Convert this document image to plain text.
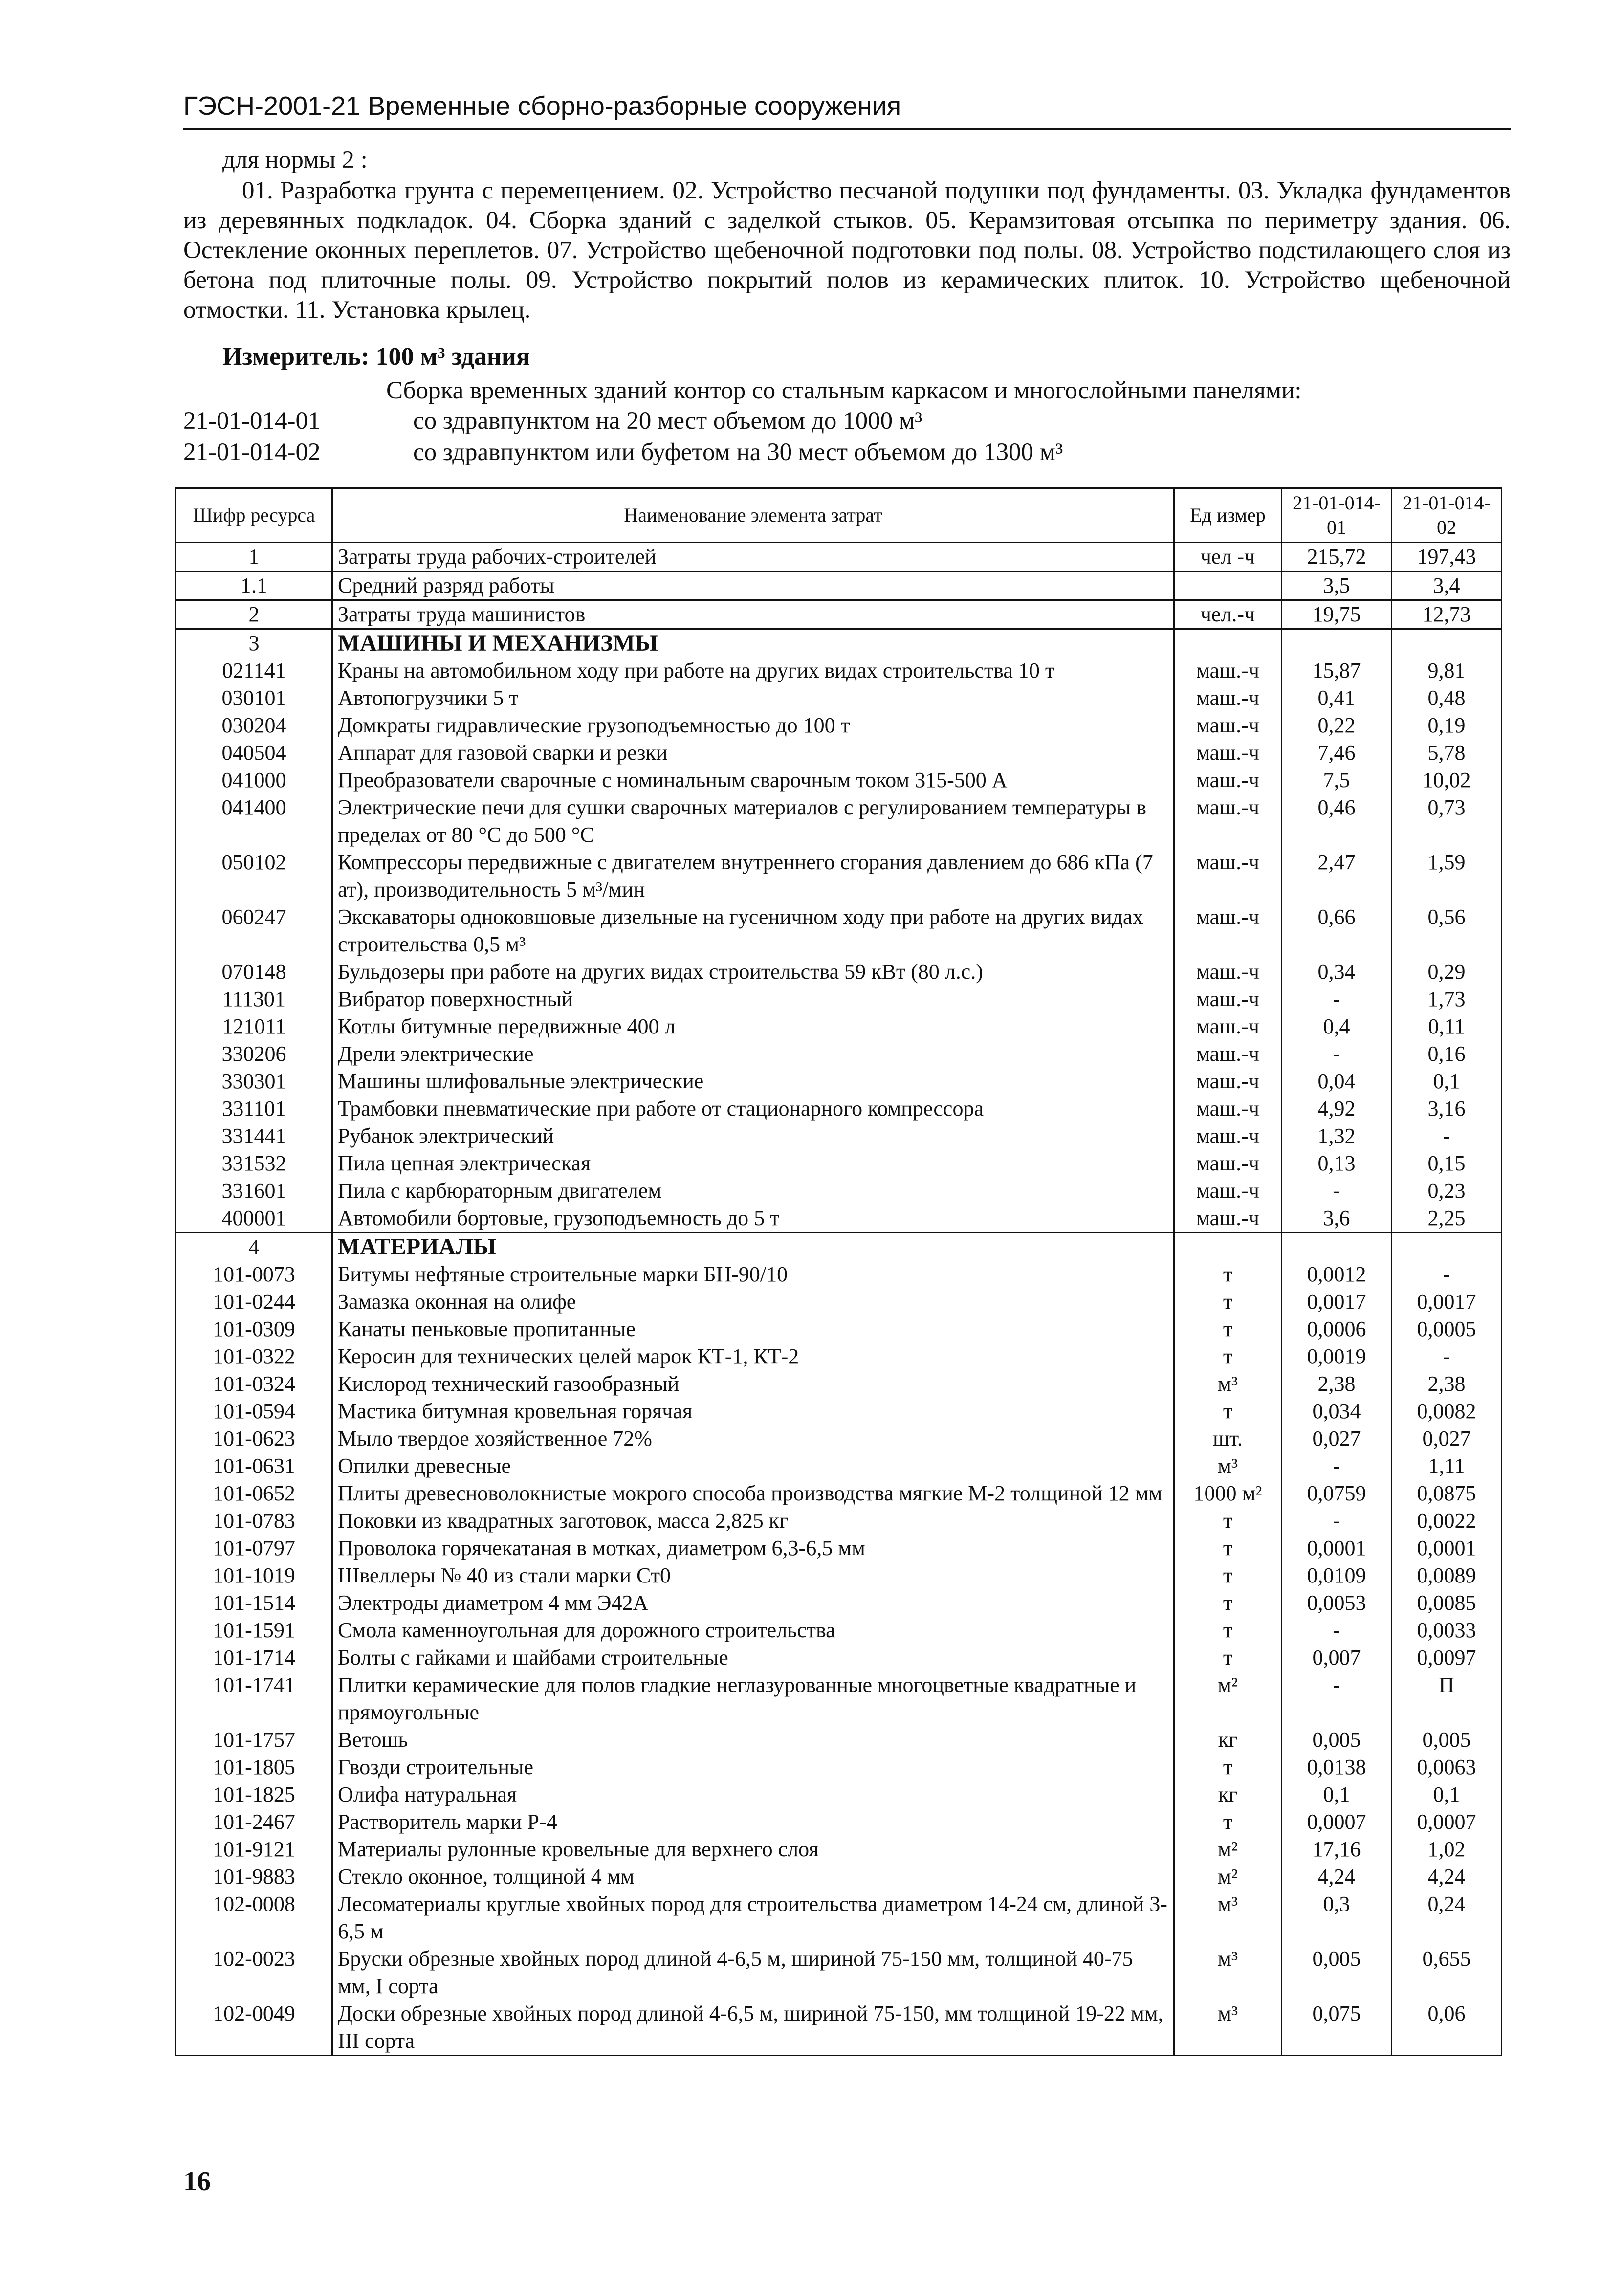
ГЭСН-2001-21 Временные сборно-разборные сооружения
для нормы 2 :
01. Разработка грунта с перемещением. 02. Устройство песчаной подушки под фундаменты. 03. Укладка фундаментов из деревянных подкладок. 04. Сборка зданий с заделкой стыков. 05. Керамзитовая отсыпка по периметру здания. 06. Остекление оконных переплетов. 07. Устройство щебеночной подготовки под полы. 08. Устройство подстилающего слоя из бетона под плиточные полы. 09. Устройство покрытий полов из керамических плиток. 10. Устройство щебеночной отмостки. 11. Установка крылец.
Измеритель: 100 м³ здания
Сборка временных зданий контор со стальным каркасом и многослойными панелями:
21-01-014-01	со здравпунктом на 20 мест объемом до 1000 м³
21-01-014-02	со здравпунктом или буфетом на 30 мест объемом до 1300 м³
Шифр ресурса	Наименование элемента затрат	Ед измер	21-01-014-01	21-01-014-02
1	Затраты труда рабочих-строителей	чел -ч	215,72	197,43
1.1	Средний разряд работы		3,5	3,4
2	Затраты труда машинистов	чел.-ч	19,75	12,73
3	МАШИНЫ И МЕХАНИЗМЫ			
021141	Краны на автомобильном ходу при работе на других видах строительства 10 т	маш.-ч	15,87	9,81
030101	Автопогрузчики 5 т	маш.-ч	0,41	0,48
030204	Домкраты гидравлические грузоподъемностью до 100 т	маш.-ч	0,22	0,19
040504	Аппарат для газовой сварки и резки	маш.-ч	7,46	5,78
041000	Преобразователи сварочные с номинальным сварочным током 315-500 А	маш.-ч	7,5	10,02
041400	Электрические печи для сушки сварочных материалов с регулированием температуры в пределах от 80 °С до 500 °С	маш.-ч	0,46	0,73
050102	Компрессоры передвижные с двигателем внутреннего сгорания давлением до 686 кПа (7 ат), производительность 5 м³/мин	маш.-ч	2,47	1,59
060247	Экскаваторы одноковшовые дизельные на гусеничном ходу при работе на других видах строительства 0,5 м³	маш.-ч	0,66	0,56
070148	Бульдозеры при работе на других видах строительства 59 кВт (80 л.с.)	маш.-ч	0,34	0,29
111301	Вибратор поверхностный	маш.-ч	-	1,73
121011	Котлы битумные передвижные 400 л	маш.-ч	0,4	0,11
330206	Дрели электрические	маш.-ч	-	0,16
330301	Машины шлифовальные электрические	маш.-ч	0,04	0,1
331101	Трамбовки пневматические при работе от стационарного компрессора	маш.-ч	4,92	3,16
331441	Рубанок электрический	маш.-ч	1,32	-
331532	Пила цепная электрическая	маш.-ч	0,13	0,15
331601	Пила с карбюраторным двигателем	маш.-ч	-	0,23
400001	Автомобили бортовые, грузоподъемность до 5 т	маш.-ч	3,6	2,25
4	МАТЕРИАЛЫ			
101-0073	Битумы нефтяные строительные марки БН-90/10	т	0,0012	-
101-0244	Замазка оконная на олифе	т	0,0017	0,0017
101-0309	Канаты пеньковые пропитанные	т	0,0006	0,0005
101-0322	Керосин для технических целей марок КТ-1, КТ-2	т	0,0019	-
101-0324	Кислород технический газообразный	м³	2,38	2,38
101-0594	Мастика битумная кровельная горячая	т	0,034	0,0082
101-0623	Мыло твердое хозяйственное 72%	шт.	0,027	0,027
101-0631	Опилки древесные	м³	-	1,11
101-0652	Плиты древесноволокнистые мокрого способа производства мягкие М-2 толщиной 12 мм	1000 м²	0,0759	0,0875
101-0783	Поковки из квадратных заготовок, масса 2,825 кг	т	-	0,0022
101-0797	Проволока горячекатаная в мотках, диаметром 6,3-6,5 мм	т	0,0001	0,0001
101-1019	Швеллеры № 40 из стали марки Ст0	т	0,0109	0,0089
101-1514	Электроды диаметром 4 мм Э42А	т	0,0053	0,0085
101-1591	Смола каменноугольная для дорожного строительства	т	-	0,0033
101-1714	Болты с гайками и шайбами строительные	т	0,007	0,0097
101-1741	Плитки керамические для полов гладкие неглазурованные многоцветные квадратные и прямоугольные	м²	-	П
101-1757	Ветошь	кг	0,005	0,005
101-1805	Гвозди строительные	т	0,0138	0,0063
101-1825	Олифа натуральная	кг	0,1	0,1
101-2467	Растворитель марки Р-4	т	0,0007	0,0007
101-9121	Материалы рулонные кровельные для верхнего слоя	м²	17,16	1,02
101-9883	Стекло оконное, толщиной 4 мм	м²	4,24	4,24
102-0008	Лесоматериалы круглые хвойных пород для строительства диаметром 14-24 см, длиной 3-6,5 м	м³	0,3	0,24
102-0023	Бруски обрезные хвойных пород длиной 4-6,5 м, шириной 75-150 мм, толщиной 40-75 мм, I сорта	м³	0,005	0,655
102-0049	Доски обрезные хвойных пород длиной 4-6,5 м, шириной 75-150, мм толщиной 19-22 мм, III сорта	м³	0,075	0,06
16
